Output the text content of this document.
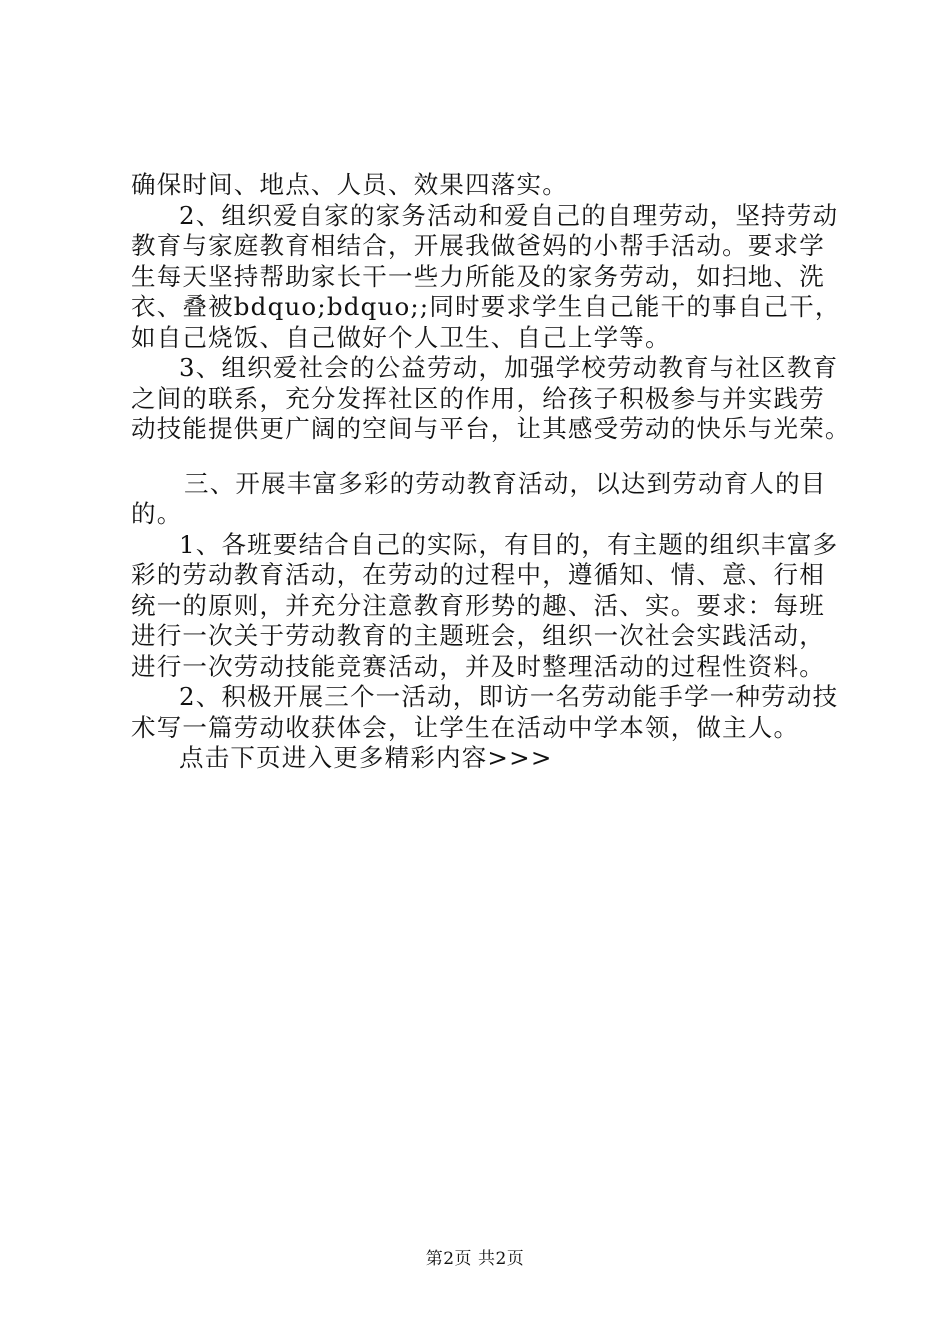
确保时间、地点、人员、效果四落实。
2、组织爱自家的家务活动和爱自己的自理劳动，坚持劳动
教育与家庭教育相结合，开展我做爸妈的小帮手活动。要求学
生每天坚持帮助家长干一些力所能及的家务劳动，如扫地、洗
衣、叠被bdquo;bdquo;;同时要求学生自己能干的事自己干，
如自己烧饭、自己做好个人卫生、自己上学等。
3、组织爱社会的公益劳动，加强学校劳动教育与社区教育
之间的联系，充分发挥社区的作用，给孩子积极参与并实践劳
动技能提供更广阔的空间与平台，让其感受劳动的快乐与光荣。
三、开展丰富多彩的劳动教育活动，以达到劳动育人的目
的。
1、各班要结合自己的实际，有目的，有主题的组织丰富多
彩的劳动教育活动，在劳动的过程中，遵循知、情、意、行相
统一的原则，并充分注意教育形势的趣、活、实。要求：每班
进行一次关于劳动教育的主题班会，组织一次社会实践活动，
进行一次劳动技能竞赛活动，并及时整理活动的过程性资料。
2、积极开展三个一活动，即访一名劳动能手学一种劳动技
术写一篇劳动收获体会，让学生在活动中学本领，做主人。
点击下页进入更多精彩内容>>>
第2页 共2页
